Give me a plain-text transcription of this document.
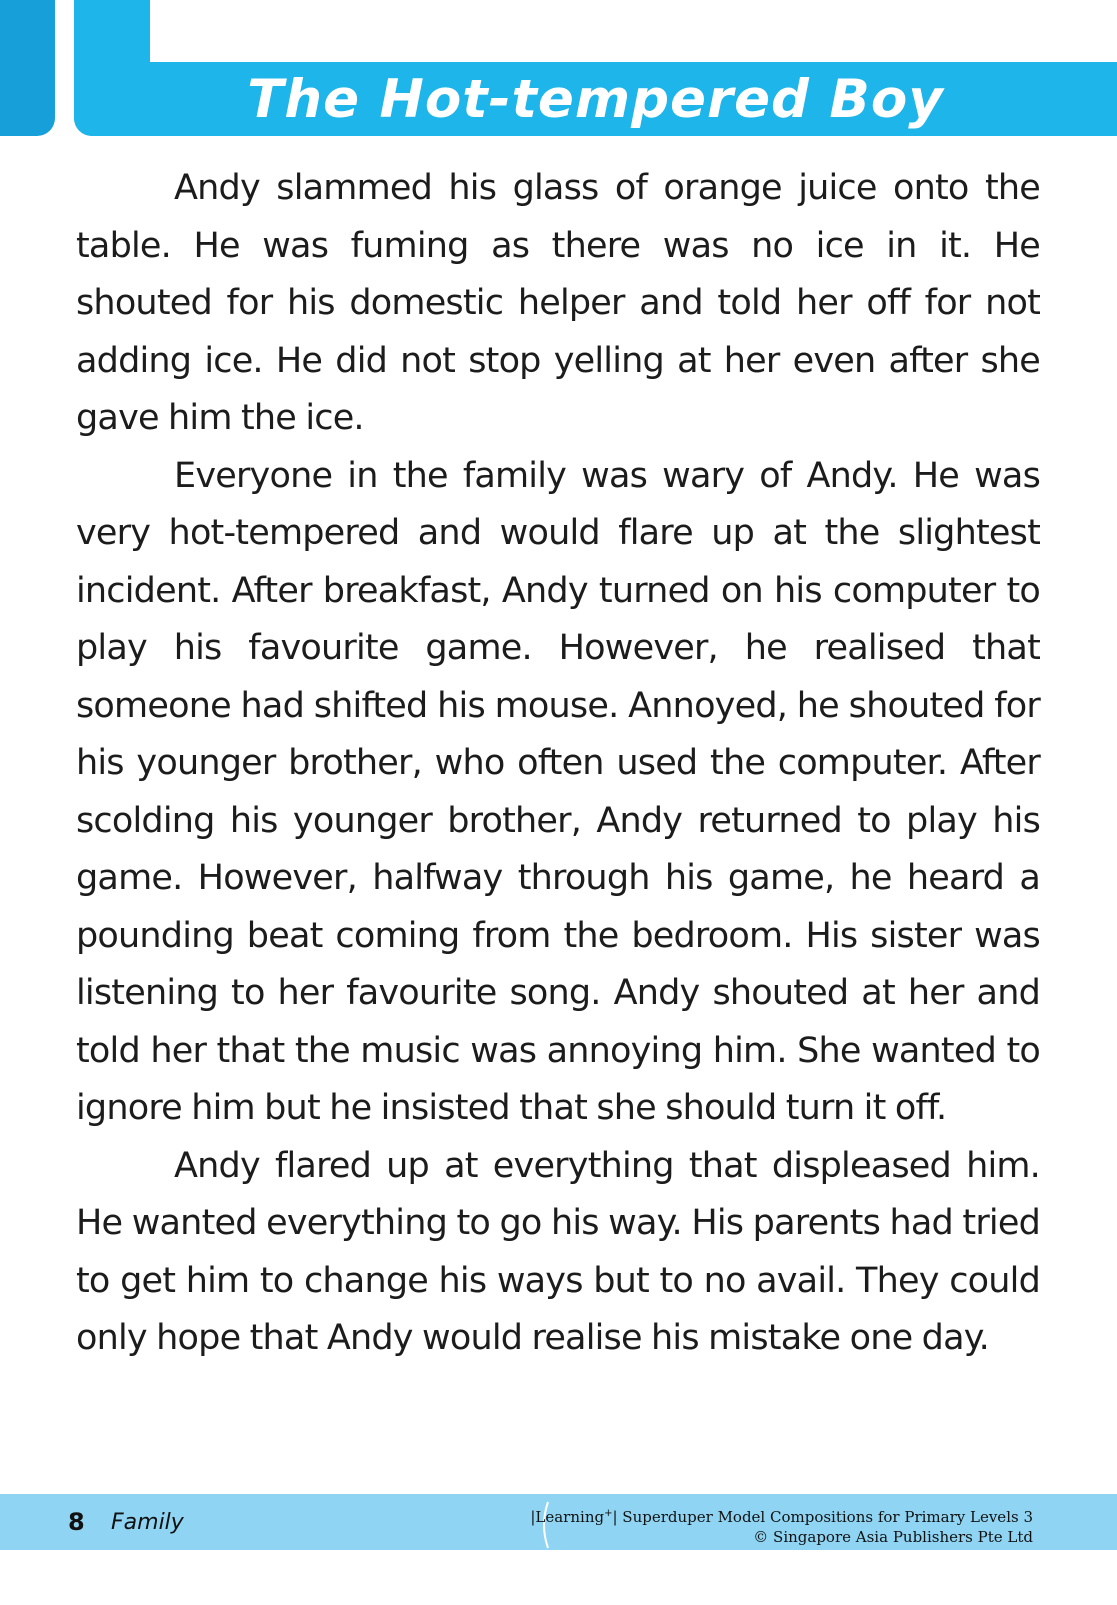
The Hot-tempered Boy

Andy slammed his glass of orange juice onto the table. He was fuming as there was no ice in it. He shouted for his domestic helper and told her off for not adding ice. He did not stop yelling at her even after she gave him the ice.

Everyone in the family was wary of Andy. He was very hot-tempered and would flare up at the slightest incident. After breakfast, Andy turned on his computer to play his favourite game. However, he realised that someone had shifted his mouse. Annoyed, he shouted for his younger brother, who often used the computer. After scolding his younger brother, Andy returned to play his game. However, halfway through his game, he heard a pounding beat coming from the bedroom. His sister was listening to her favourite song. Andy shouted at her and told her that the music was annoying him. She wanted to ignore him but he insisted that she should turn it off.

Andy flared up at everything that displeased him. He wanted everything to go his way. His parents had tried to get him to change his ways but to no avail. They could only hope that Andy would realise his mistake one day.

8 Family	|Learning+| Superduper Model Compositions for Primary Levels 3
© Singapore Asia Publishers Pte Ltd
